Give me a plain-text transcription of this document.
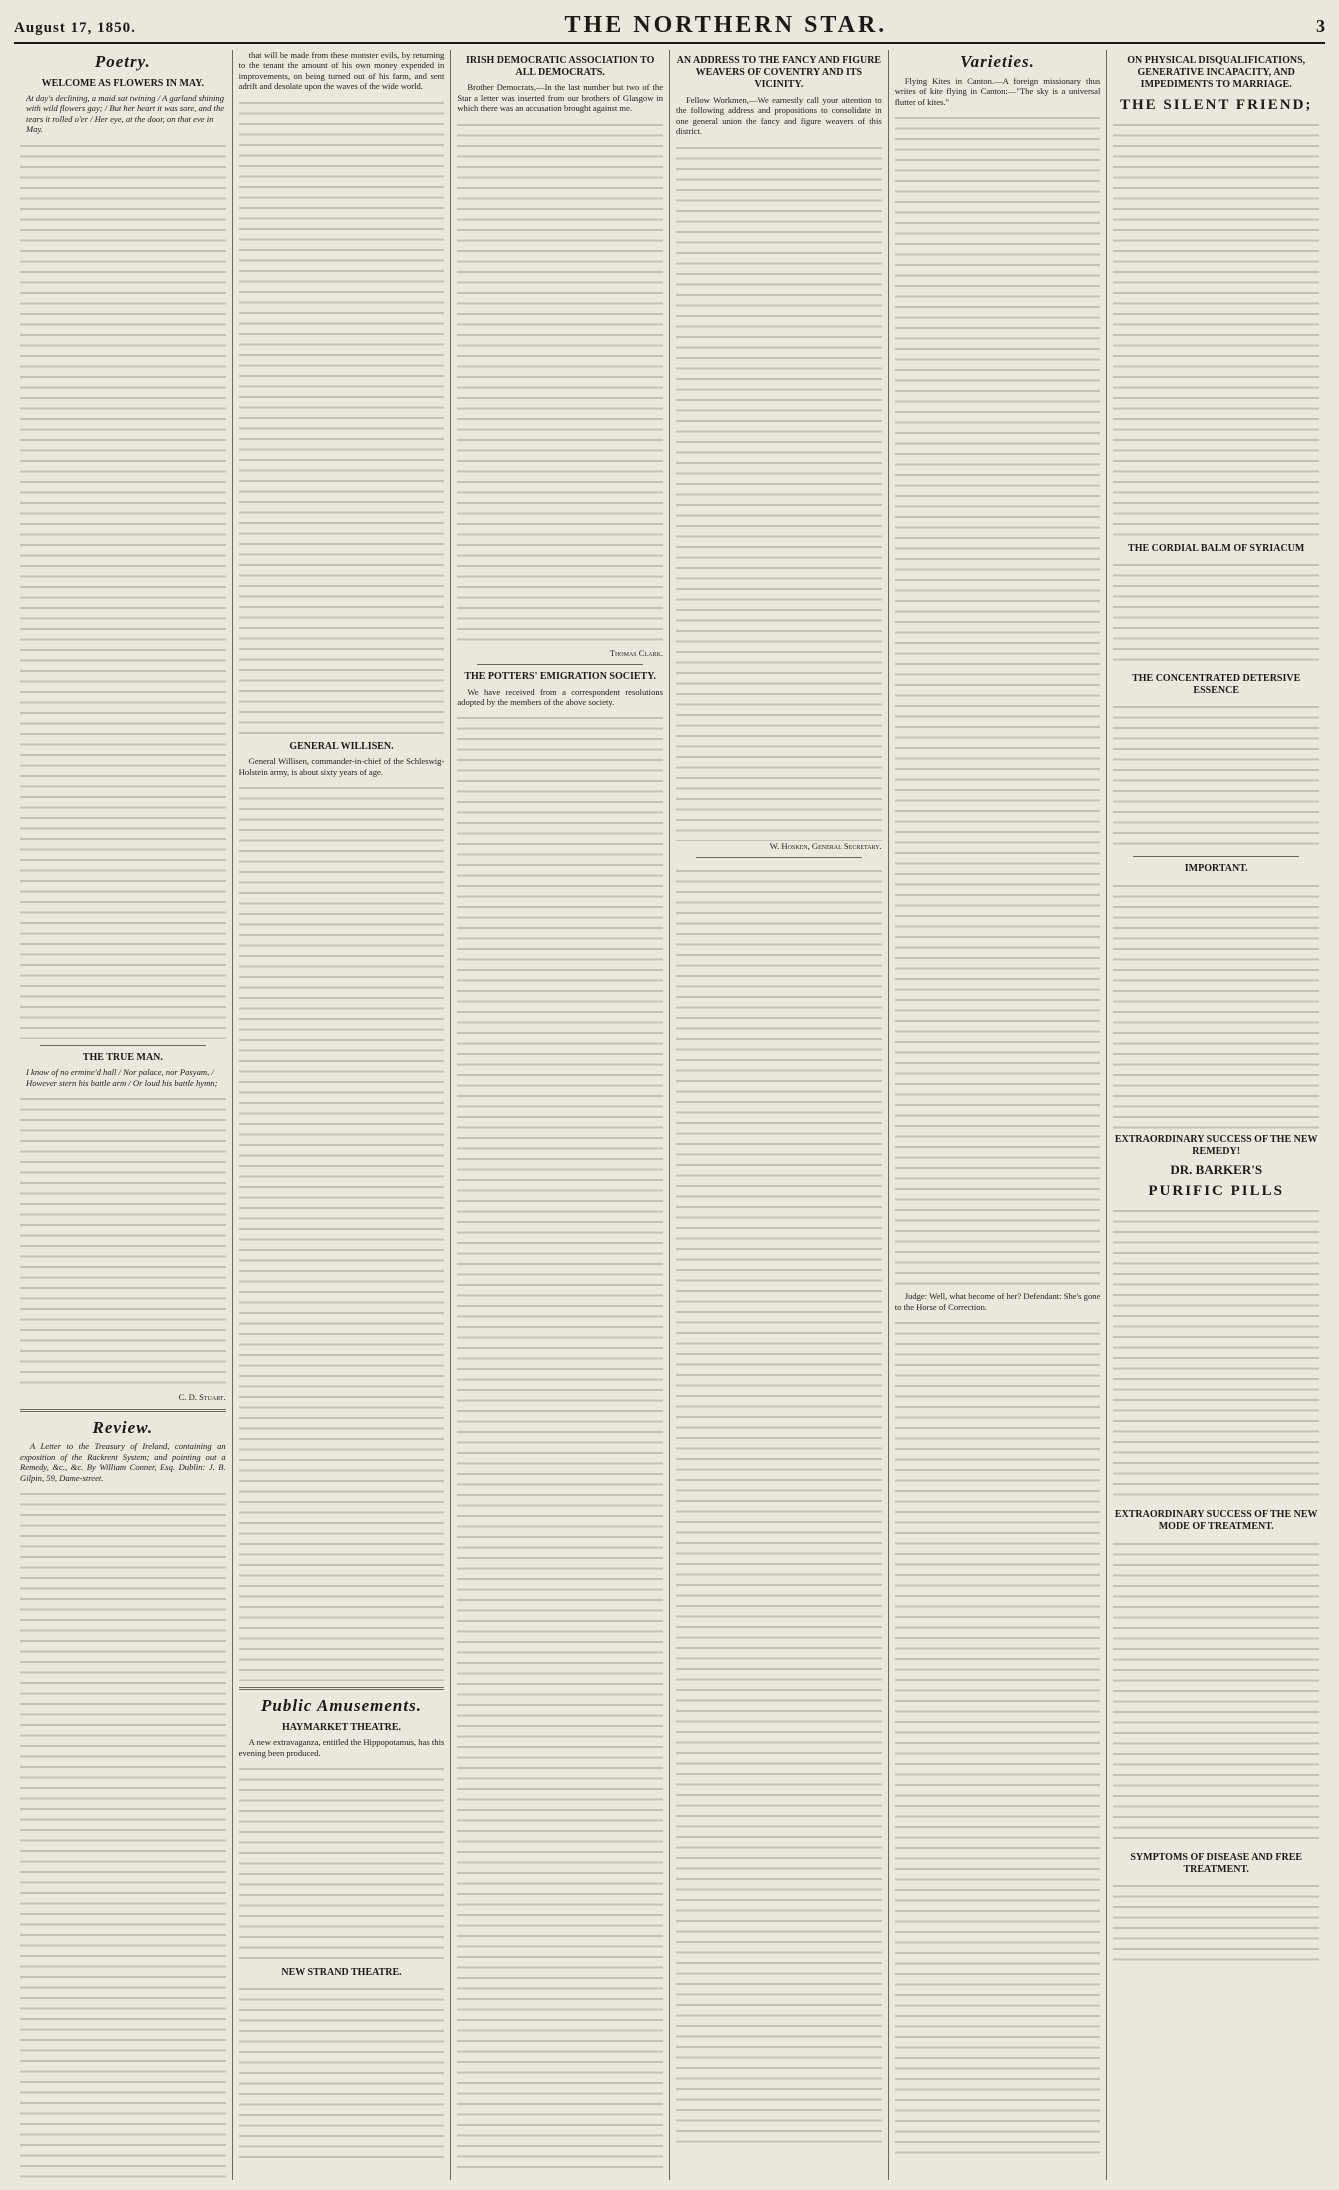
August 17, 1850.	THE NORTHERN STAR.	3
Poetry.
WELCOME AS FLOWERS IN MAY.

At day's declining, a maid sat twining / A garland shining with wild flowers gay; / But her heart it was sore, and the tears it rolled o'er / Her eye, at the door, on that eve in May.

THE TRUE MAN.

I know of no ermine'd hall / Nor palace, nor Pasyam, / However stern his battle arm / Or loud his battle hymn;

C. D. Stuart.

Review.

A Letter to the Treasury of Ireland, containing an exposition of the Rackrent System; and pointing out a Remedy, &c., &c. By William Conner, Esq. Dublin: J. B. Gilpin, 59, Dame-street.

that will be made from these monster evils, by returning to the tenant the amount of his own money expended in improvements, on being turned out of his farm, and sent adrift and desolate upon the waves of the wide world.

GENERAL WILLISEN.

General Willisen, commander-in-chief of the Schleswig-Holstein army, is about sixty years of age.

Public Amusements.
HAYMARKET THEATRE.

A new extravaganza, entitled the Hippopotamus, has this evening been produced.

NEW STRAND THEATRE.
IRISH DEMOCRATIC ASSOCIATION TO ALL DEMOCRATS.

Brother Democrats,—In the last number but two of the Star a letter was inserted from our brothers of Glasgow in which there was an accusation brought against me.

Thomas Clark.

THE POTTERS' EMIGRATION SOCIETY.

We have received from a correspondent resolutions adopted by the members of the above society.

AN ADDRESS TO THE FANCY AND FIGURE WEAVERS OF COVENTRY AND ITS VICINITY.

Fellow Workmen,—We earnestly call your attention to the following address and propositions to consolidate in one general union the fancy and figure weavers of this district.

W. Hosken, General Secretary.

Varieties.

Flying Kites in Canton.—A foreign missionary thus writes of kite flying in Canton:—"The sky is a universal flutter of kites."

Judge: Well, what become of her? Defendant: She's gone to the Horse of Correction.

ON PHYSICAL DISQUALIFICATIONS, GENERATIVE INCAPACITY, AND IMPEDIMENTS TO MARRIAGE.
THE SILENT FRIEND;
THE CORDIAL BALM OF SYRIACUM
THE CONCENTRATED DETERSIVE ESSENCE
IMPORTANT.
EXTRAORDINARY SUCCESS OF THE NEW REMEDY!
DR. BARKER'S
PURIFIC PILLS
EXTRAORDINARY SUCCESS OF THE NEW MODE OF TREATMENT.
SYMPTOMS OF DISEASE AND FREE TREATMENT.
